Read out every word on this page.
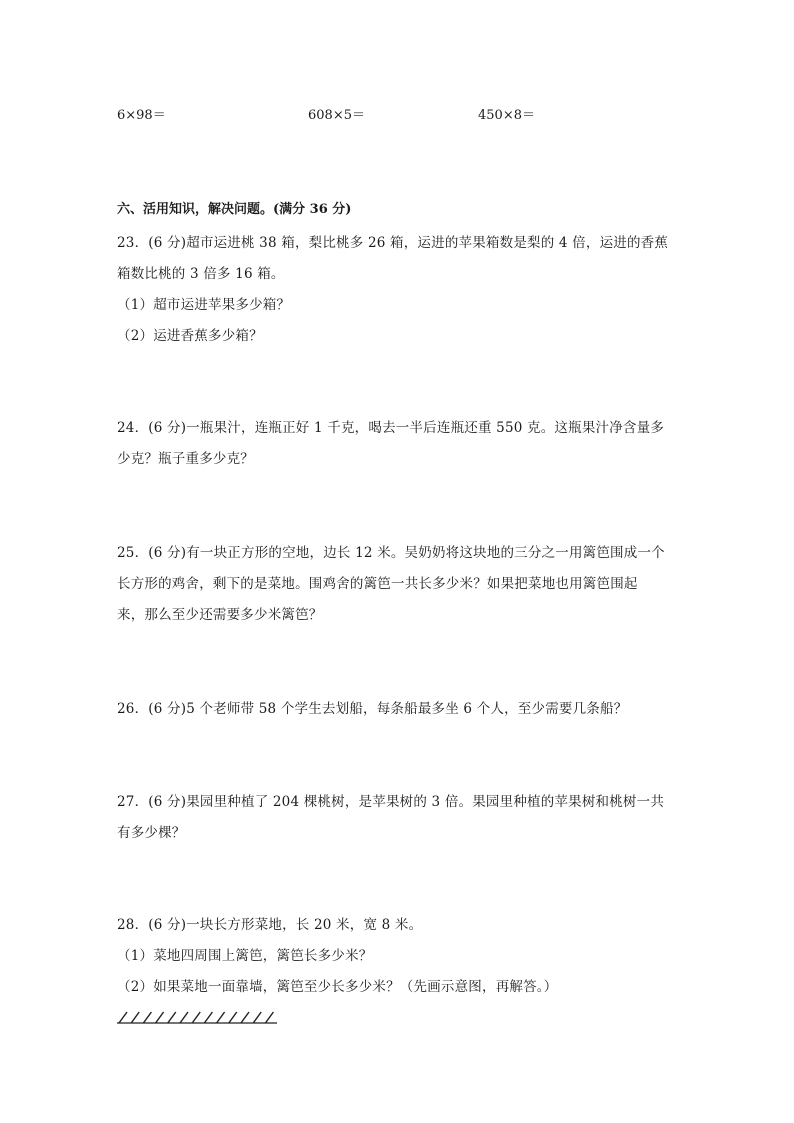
6×98＝	608×5＝	450×8＝
六、活用知识，解决问题。(满分 36 分)
23．(6 分)超市运进桃 38 箱，梨比桃多 26 箱，运进的苹果箱数是梨的 4 倍，运进的香蕉
箱数比桃的 3 倍多 16 箱。
（1）超市运进苹果多少箱？
（2）运进香蕉多少箱？
24．(6 分)一瓶果汁，连瓶正好 1 千克，喝去一半后连瓶还重 550 克。这瓶果汁净含量多
少克？瓶子重多少克？
25．(6 分)有一块正方形的空地，边长 12 米。吴奶奶将这块地的三分之一用篱笆围成一个
长方形的鸡舍，剩下的是菜地。围鸡舍的篱笆一共长多少米？如果把菜地也用篱笆围起
来，那么至少还需要多少米篱笆？
26．(6 分)5 个老师带 58 个学生去划船，每条船最多坐 6 个人，至少需要几条船？
27．(6 分)果园里种植了 204 棵桃树，是苹果树的 3 倍。果园里种植的苹果树和桃树一共
有多少棵？
28．(6 分)一块长方形菜地，长 20 米，宽 8 米。
（1）菜地四周围上篱笆，篱笆长多少米？
（2）如果菜地一面靠墙，篱笆至少长多少米？（先画示意图，再解答。）
